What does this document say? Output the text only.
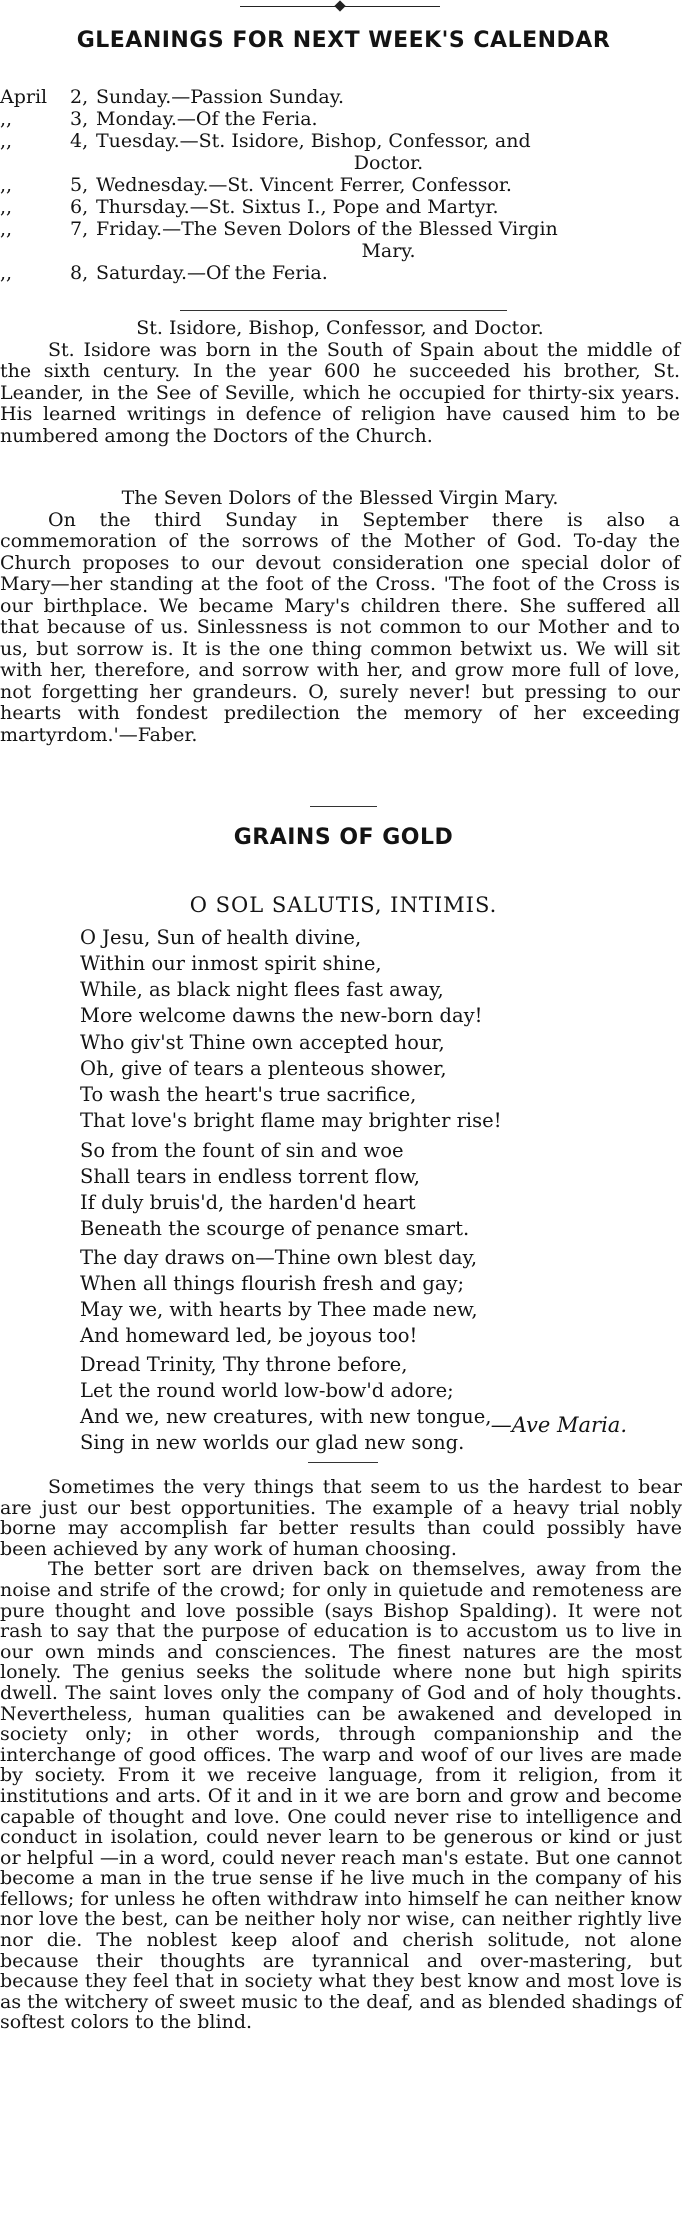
GLEANINGS FOR NEXT WEEK'S CALENDAR
April 2, Sunday.—Passion Sunday.
,,	3, Monday.—Of the Feria.
,,	4, Tuesday.—St. Isidore, Bishop, Confessor, and
Doctor.
,,	5, Wednesday.—St. Vincent Ferrer, Confessor.
,,	6, Thursday.—St. Sixtus I., Pope and Martyr.
,,	7, Friday.—The Seven Dolors of the Blessed Virgin
Mary.
,,	8, Saturday.—Of the Feria.

St. Isidore, Bishop, Confessor, and Doctor.

St. Isidore was born in the South of Spain about the middle of the sixth century. In the year 600 he succeeded his brother, St. Leander, in the See of Seville, which he occupied for thirty-six years. His learned writings in defence of religion have caused him to be numbered among the Doctors of the Church.

The Seven Dolors of the Blessed Virgin Mary.

On the third Sunday in September there is also a commemoration of the sorrows of the Mother of God. To-day the Church proposes to our devout consideration one special dolor of Mary—her standing at the foot of the Cross. 'The foot of the Cross is our birthplace. We became Mary's children there. She suffered all that because of us. Sinlessness is not common to our Mother and to us, but sorrow is. It is the one thing common betwixt us. We will sit with her, therefore, and sorrow with her, and grow more full of love, not forgetting her grandeurs. O, surely never! but pressing to our hearts with fondest predilection the memory of her exceeding martyrdom.'—Faber.

GRAINS OF GOLD
O SOL SALUTIS, INTIMIS.
O Jesu, Sun of health divine,
Within our inmost spirit shine,
While, as black night flees fast away,
More welcome dawns the new-born day!
Who giv'st Thine own accepted hour,
Oh, give of tears a plenteous shower,
To wash the heart's true sacrifice,
That love's bright flame may brighter rise!
So from the fount of sin and woe
Shall tears in endless torrent flow,
If duly bruis'd, the harden'd heart
Beneath the scourge of penance smart.
The day draws on—Thine own blest day,
When all things flourish fresh and gay;
May we, with hearts by Thee made new,
And homeward led, be joyous too!
Dread Trinity, Thy throne before,
Let the round world low-bow'd adore;
And we, new creatures, with new tongue,
Sing in new worlds our glad new song.
—Ave Maria.

Sometimes the very things that seem to us the hardest to bear are just our best opportunities. The example of a heavy trial nobly borne may accomplish far better results than could possibly have been achieved by any work of human choosing.

The better sort are driven back on themselves, away from the noise and strife of the crowd; for only in quietude and remoteness are pure thought and love possible (says Bishop Spalding). It were not rash to say that the purpose of education is to accustom us to live in our own minds and consciences. The finest natures are the most lonely. The genius seeks the solitude where none but high spirits dwell. The saint loves only the company of God and of holy thoughts. Nevertheless, human qualities can be awakened and developed in society only; in other words, through companionship and the interchange of good offices. The warp and woof of our lives are made by society. From it we receive language, from it religion, from it institutions and arts. Of it and in it we are born and grow and become capable of thought and love. One could never rise to intelligence and conduct in isolation, could never learn to be generous or kind or just or helpful —in a word, could never reach man's estate. But one cannot become a man in the true sense if he live much in the company of his fellows; for unless he often withdraw into himself he can neither know nor love the best, can be neither holy nor wise, can neither rightly live nor die. The noblest keep aloof and cherish solitude, not alone because their thoughts are tyrannical and over-mastering, but because they feel that in society what they best know and most love is as the witchery of sweet music to the deaf, and as blended shadings of softest colors to the blind.
